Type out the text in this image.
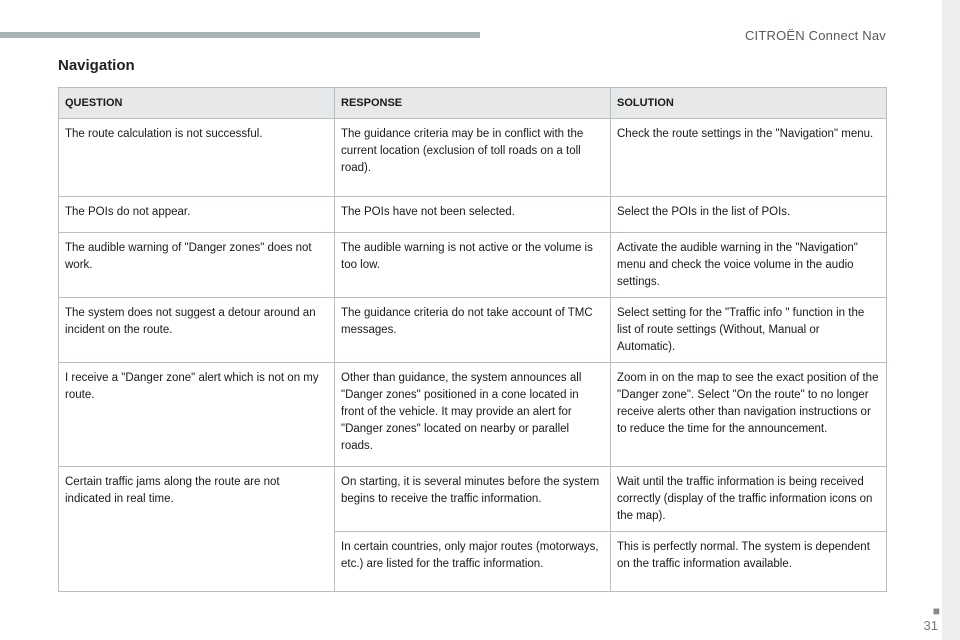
CITROËN Connect Nav
Navigation
QUESTION	RESPONSE	SOLUTION
The route calculation is not successful.	The guidance criteria may be in conflict with the current location (exclusion of toll roads on a toll road).	Check the route settings in the "Navigation" menu.
The POIs do not appear.	The POIs have not been selected.	Select the POIs in the list of POIs.
The audible warning of "Danger zones" does not work.	The audible warning is not active or the volume is too low.	Activate the audible warning in the "Navigation" menu and check the voice volume in the audio settings.
The system does not suggest a detour around an incident on the route.	The guidance criteria do not take account of TMC messages.	Select setting for the "Traffic info " function in the list of route settings (Without, Manual or Automatic).
I receive a "Danger zone" alert which is not on my route.	Other than guidance, the system announces all "Danger zones" positioned in a cone located in front of the vehicle. It may provide an alert for "Danger zones" located on nearby or parallel roads.	Zoom in on the map to see the exact position of the "Danger zone". Select "On the route" to no longer receive alerts other than navigation instructions or to reduce the time for the announcement.
Certain traffic jams along the route are not indicated in real time.	On starting, it is several minutes before the system begins to receive the traffic information.	Wait until the traffic information is being received correctly (display of the traffic information icons on the map).
	In certain countries, only major routes (motorways, etc.) are listed for the traffic information.	This is perfectly normal. The system is dependent on the traffic information available.
■
31
